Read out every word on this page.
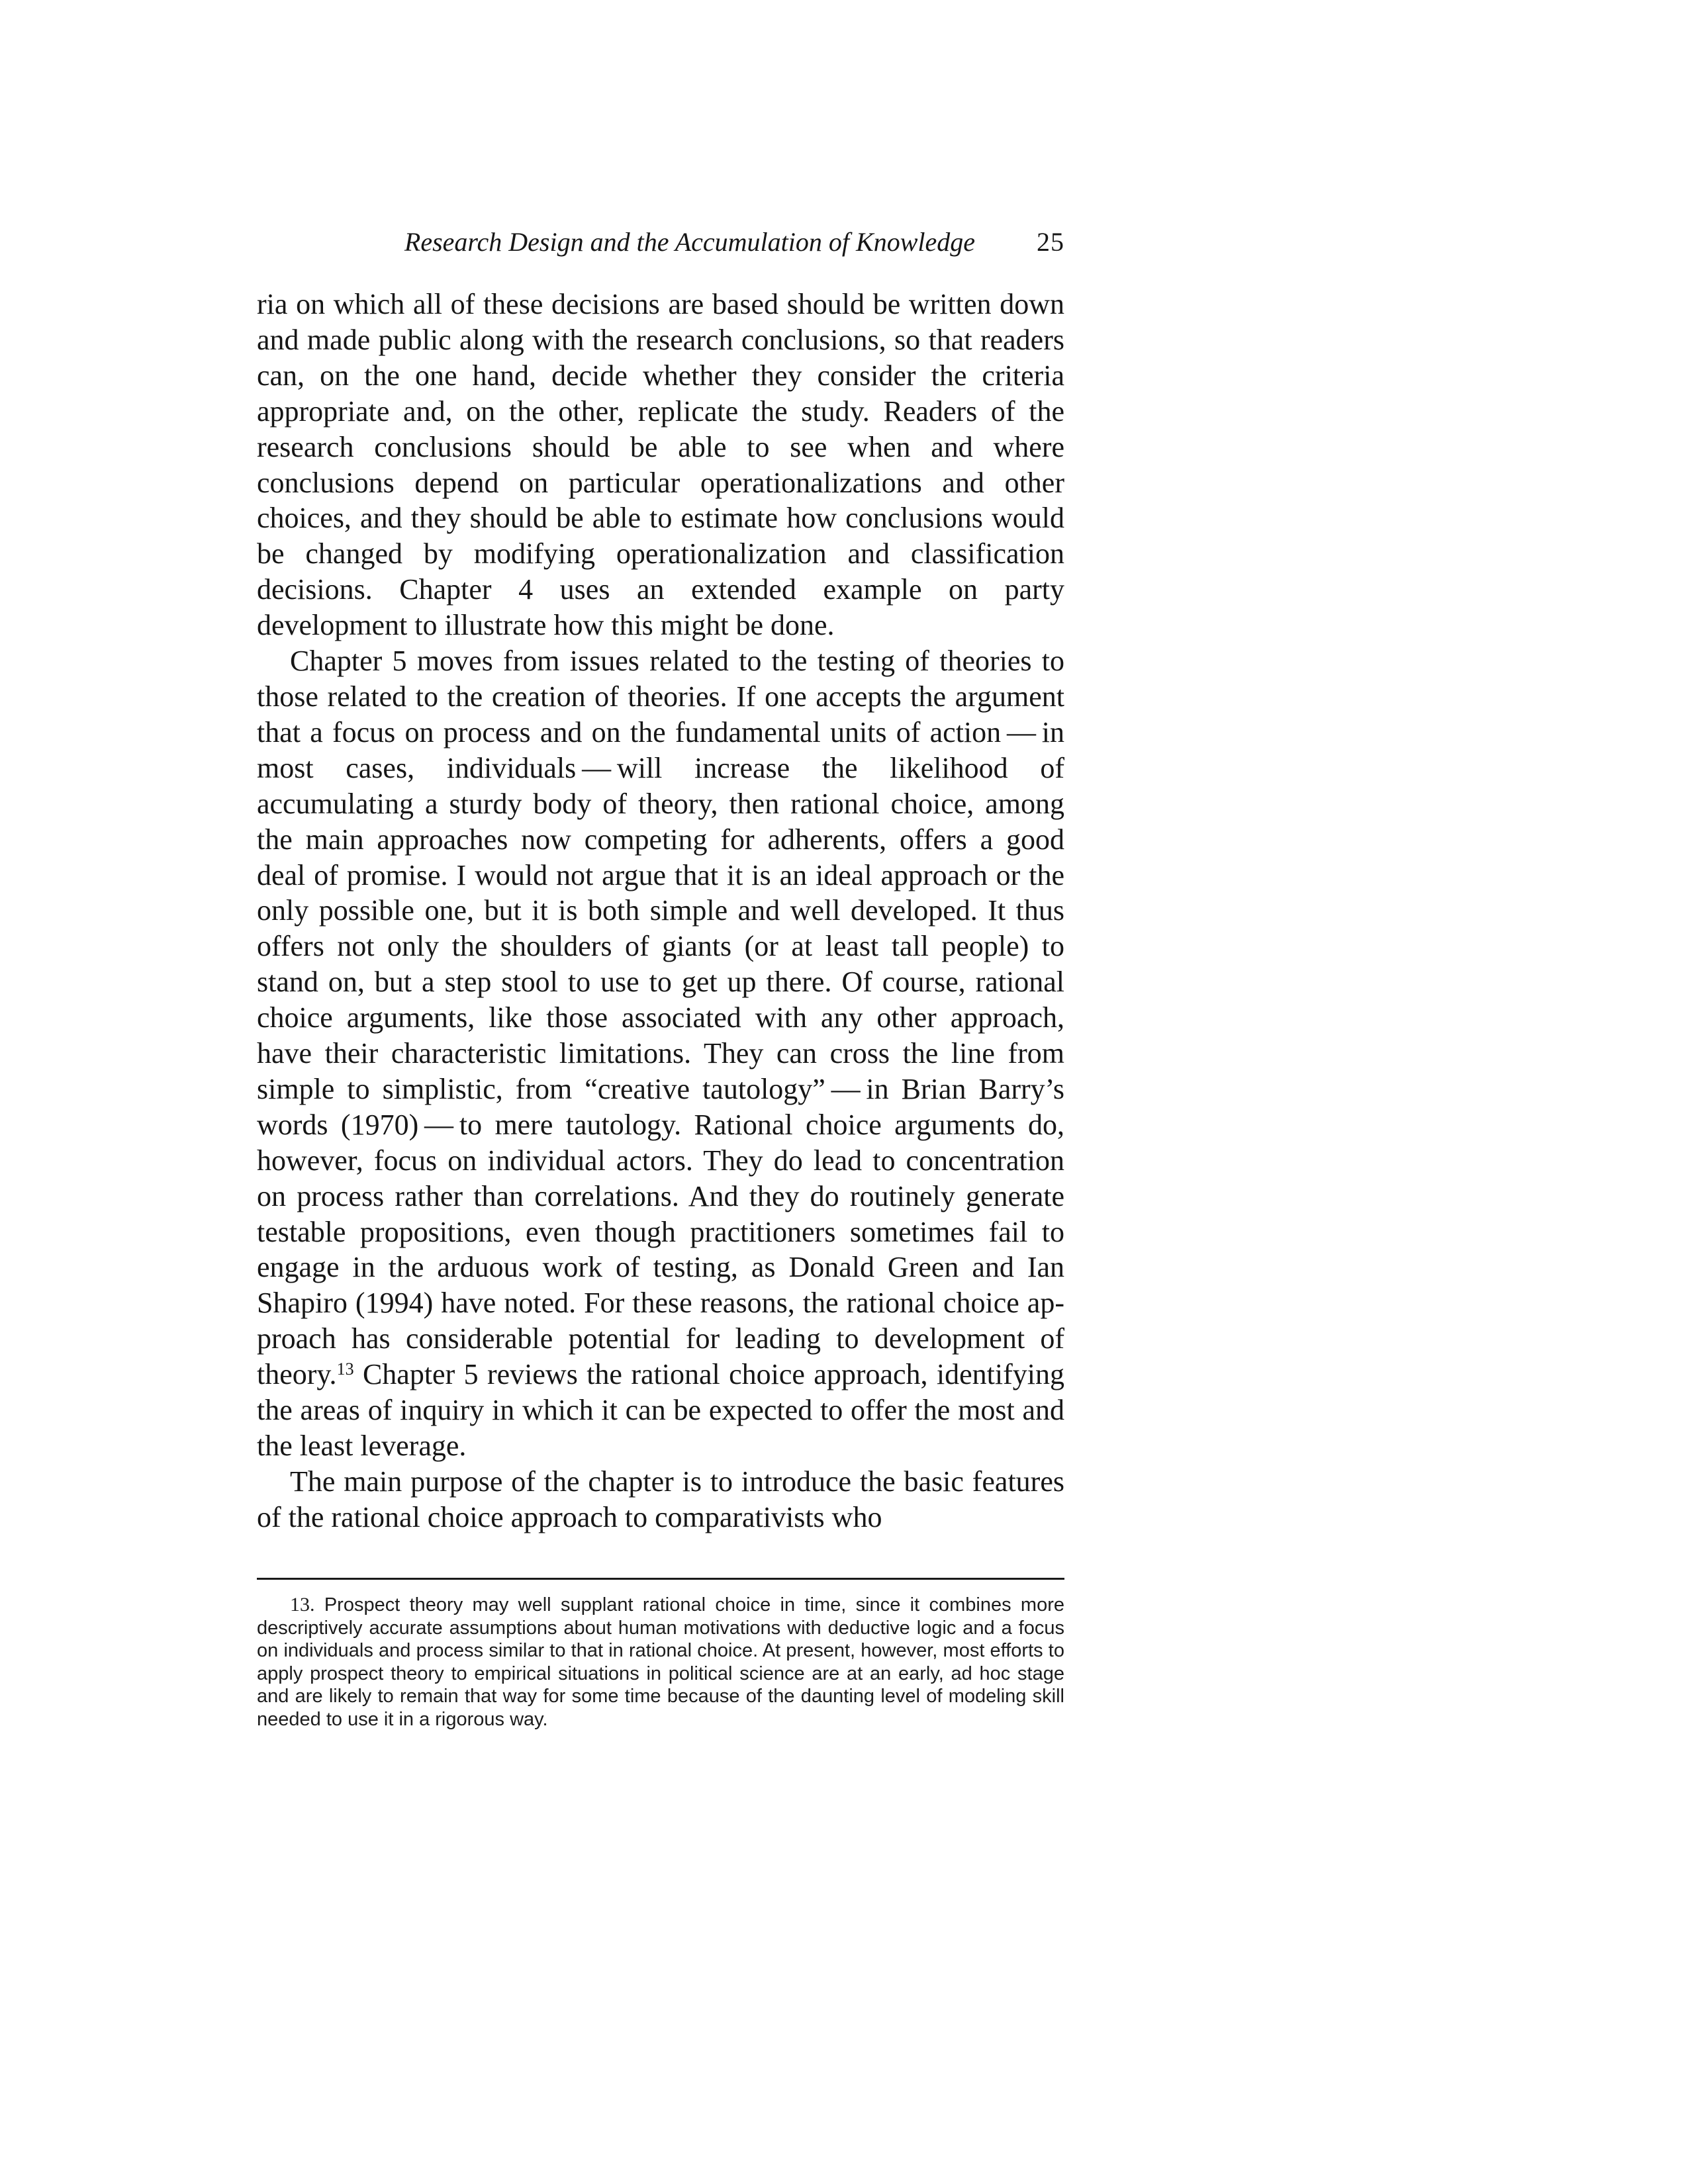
Research Design and the Accumulation of Knowledge 25

ria on which all of these decisions are based should be written down and made public along with the research conclusions, so that readers can, on the one hand, decide whether they consider the criteria appropriate and, on the other, replicate the study. Readers of the research conclusions should be able to see when and where conclusions depend on particular operationalizations and other choices, and they should be able to estimate how conclusions would be changed by modifying operationalization and classification decisions. Chapter 4 uses an extended example on party development to illustrate how this might be done.

Chapter 5 moves from issues related to the testing of theories to those related to the creation of theories. If one accepts the argument that a focus on process and on the fundamental units of action — in most cases, individuals — will increase the likelihood of accumulating a sturdy body of theory, then rational choice, among the main approaches now competing for adherents, offers a good deal of promise. I would not argue that it is an ideal approach or the only possible one, but it is both simple and well developed. It thus offers not only the shoulders of giants (or at least tall people) to stand on, but a step stool to use to get up there. Of course, rational choice arguments, like those associated with any other approach, have their characteristic limitations. They can cross the line from simple to simplistic, from “creative tautology” — in Brian Barry’s words (1970) — to mere tautology. Rational choice arguments do, however, focus on individual actors. They do lead to concentration on process rather than correlations. And they do routinely generate testable propositions, even though practitioners sometimes fail to engage in the arduous work of testing, as Donald Green and Ian Shapiro (1994) have noted. For these reasons, the rational choice approach has considerable potential for leading to development of theory.$^{13}$ Chapter 5 reviews the rational choice approach, identifying the areas of inquiry in which it can be expected to offer the most and the least leverage.

The main purpose of the chapter is to introduce the basic features of the rational choice approach to comparativists who

13. Prospect theory may well supplant rational choice in time, since it combines more descriptively accurate assumptions about human motivations with deductive logic and a focus on individuals and process similar to that in rational choice. At present, however, most efforts to apply prospect theory to empirical situations in political science are at an early, ad hoc stage and are likely to remain that way for some time because of the daunting level of modeling skill needed to use it in a rigorous way.
